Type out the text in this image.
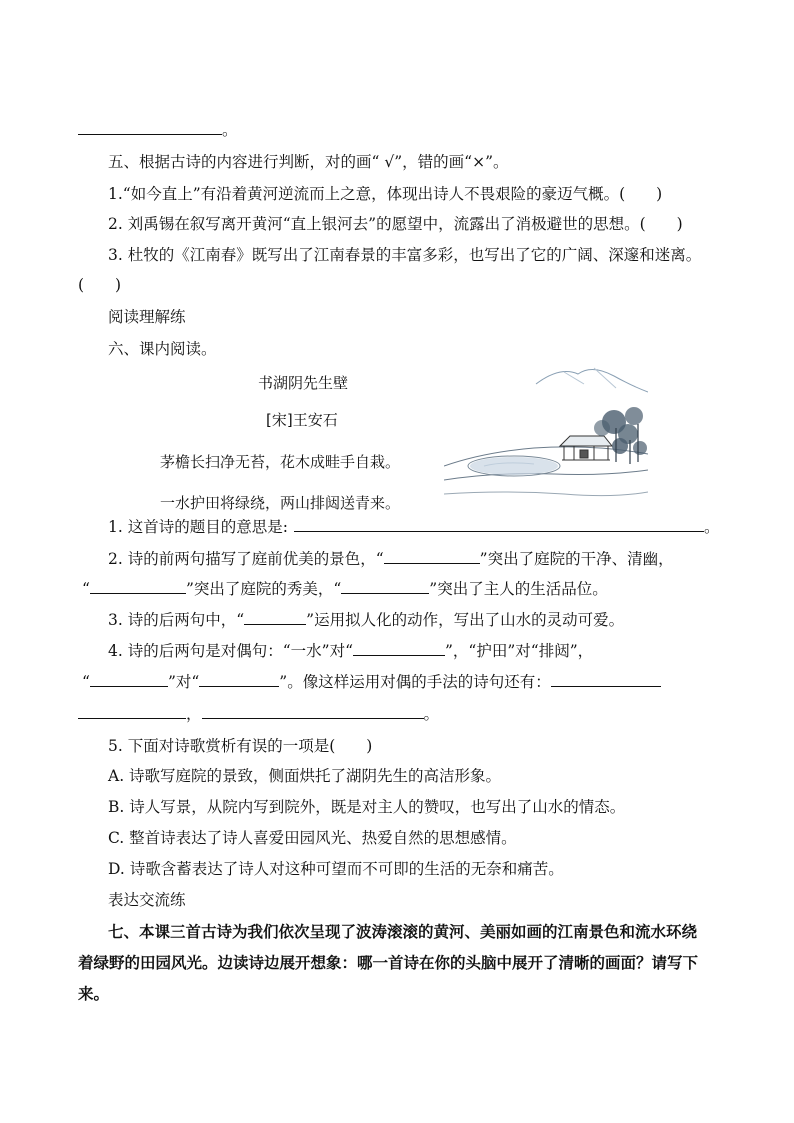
。
五、根据古诗的内容进行判断，对的画“ √”，错的画“×”。
1.“如今直上”有沿着黄河逆流而上之意，体现出诗人不畏艰险的豪迈气概。(　　)
2. 刘禹锡在叙写离开黄河“直上银河去”的愿望中，流露出了消极避世的思想。(　　)
3. 杜牧的《江南春》既写出了江南春景的丰富多彩，也写出了它的广阔、深邃和迷离。
(　　)
阅读理解练
六、课内阅读。
书湖阴先生壁
[宋]王安石
茅檐长扫净无苔，花木成畦手自栽。
一水护田将绿绕，两山排闼送青来。
1. 这首诗的题目的意思是:	。
2. 诗的前两句描写了庭前优美的景色，“	”突出了庭院的干净、清幽，
“	”突出了庭院的秀美，“	”突出了主人的生活品位。
3. 诗的后两句中，“	”运用拟人化的动作，写出了山水的灵动可爱。
4. 诗的后两句是对偶句：“一水”对“	”，“护田”对“排闼”，
“	”对“	”。像这样运用对偶的手法的诗句还有：
，	。
5. 下面对诗歌赏析有误的一项是(　　)
A. 诗歌写庭院的景致，侧面烘托了湖阴先生的高洁形象。
B. 诗人写景，从院内写到院外，既是对主人的赞叹，也写出了山水的情态。
C. 整首诗表达了诗人喜爱田园风光、热爱自然的思想感情。
D. 诗歌含蓄表达了诗人对这种可望而不可即的生活的无奈和痛苦。
表达交流练
七、本课三首古诗为我们依次呈现了波涛滚滚的黄河、美丽如画的江南景色和流水环绕
着绿野的田园风光。边读诗边展开想象：哪一首诗在你的头脑中展开了清晰的画面？请写下
来。
